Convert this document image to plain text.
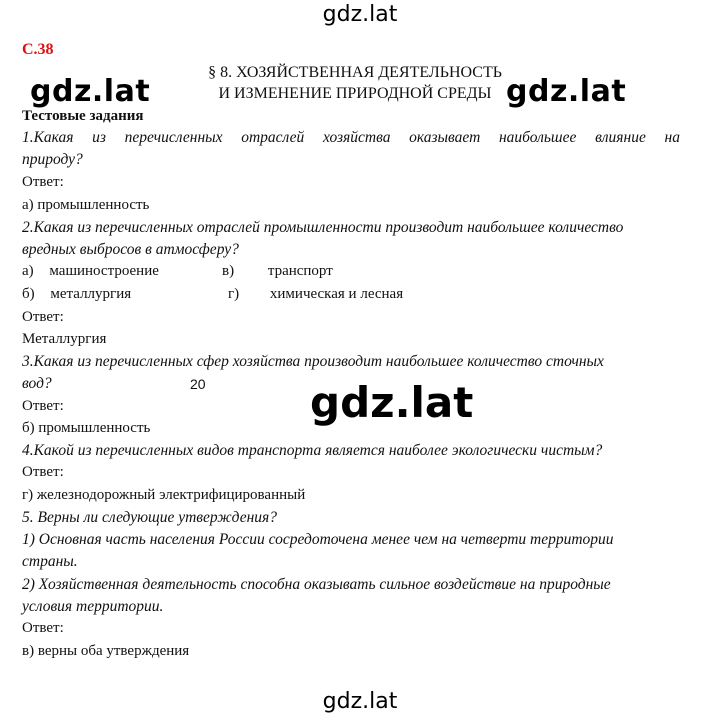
gdz.lat
gdz.lat	gdz.lat
gdz.lat
gdz.lat
С.38
§ 8. ХОЗЯЙСТВЕННАЯ ДЕЯТЕЛЬНОСТЬ
И ИЗМЕНЕНИЕ ПРИРОДНОЙ СРЕДЫ
Тестовые задания
1.Какая из перечисленных отраслей хозяйства оказывает наибольшее влияние на
природу?
Ответ:
а) промышленность
2.Какая из перечисленных отраслей промышленности производит наибольшее количество
вредных выбросов в атмосферу?
а) машиностроение	в) транспорт
б) металлургия	г) химическая и лесная
Ответ:
Металлургия
3.Какая из перечисленных сфер хозяйства производит наибольшее количество сточных
вод?	20
Ответ:
б) промышленность
4.Какой из перечисленных видов транспорта является наиболее экологически чистым?
Ответ:
г) железнодорожный электрифицированный
5. Верны ли следующие утверждения?
1) Основная часть населения России сосредоточена менее чем на четверти территории
страны.
2) Хозяйственная деятельность способна оказывать сильное воздействие на природные
условия территории.
Ответ:
в) верны оба утверждения
